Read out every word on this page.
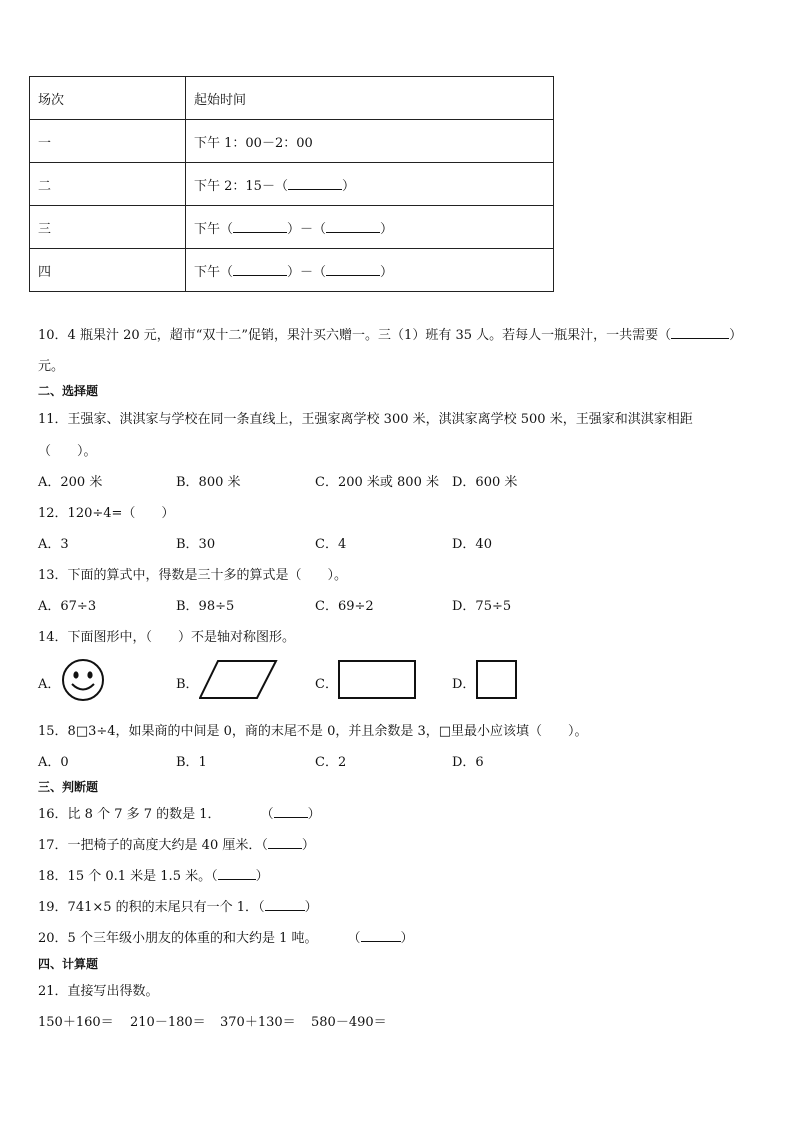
场次	起始时间
一	下午 1：00－2：00
二	下午 2：15－（ ）
三	下午（ ）－（ ）
四	下午（ ）－（ ）
10．4 瓶果汁 20 元，超市“双十二”促销，果汁买六赠一。三（1）班有 35 人。若每人一瓶果汁，一共需要（	）
元。
二、选择题
11．王强家、淇淇家与学校在同一条直线上，王强家离学校 300 米，淇淇家离学校 500 米，王强家和淇淇家相距
（　　）。
A．200 米	B．800 米	C．200 米或 800 米 D．600 米
12．120÷4=（　　）
A．3	B．30	C．4	D．40
13．下面的算式中，得数是三十多的算式是（　　）。
A．67÷3	B．98÷5	C．69÷2	D．75÷5
14．下面图形中，（　　）不是轴对称图形。
A．	B．	C．	D．
15．8□3÷4，如果商的中间是 0，商的末尾不是 0，并且余数是 3，□里最小应该填（　　）。
A．0	B．1	C．2	D．6
三、判断题
16．比 8 个 7 多 7 的数是 1．	（	）
17．一把椅子的高度大约是 40 厘米．（	）
18．15 个 0.1 米是 1.5 米。（	）
19．741×5 的积的末尾只有一个 1．（	）
20．5 个三年级小朋友的体重的和大约是 1 吨。 （	）
四、计算题
21．直接写出得数。
150＋160＝ 210－180＝ 370＋130＝ 580－490＝
